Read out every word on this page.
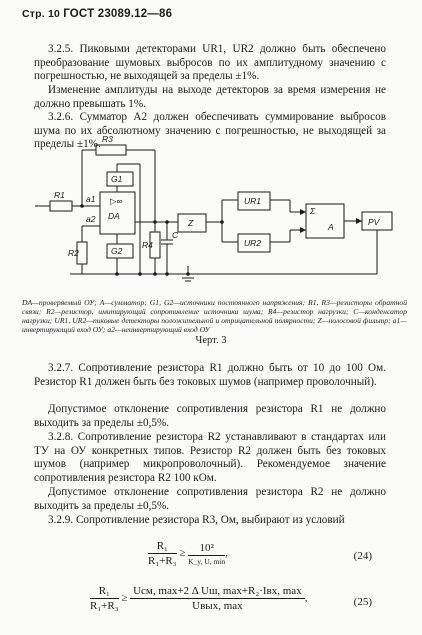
Стр. 10 ГОСТ 23089.12—86

3.2.5. Пиковыми детекторами UR1, UR2 должно быть обеспечено преобразование шумовых выбросов по их амплитудному значению с погрешностью, не выходящей за пределы ±1%.

Изменение амплитуды на выходе детекторов за время измерения не должно превышать 1%.

3.2.6. Сумматор A2 должен обеспечивать суммирование выбросов шума по их абсолютному значению с погрешностью, не выходящей за пределы ±1%.

R1
R3
R2
R4
C
G1
G2
DA
▷∞
a1
a2	Z
UR1
UR2
Σ
A	PV
DA—проверяемый ОУ; A—сумматор; G1, G2—источники постоянного напряжения; R1, R3—резисторы обратной связи; R2—резистор, имитирующий сопротивление источника шума; R4—резистор нагрузки; C—конденсатор нагрузки; UR1, UR2—пиковые детекторы положительной и отрицательной полярности; Z—полосовой фильтр; a1—инвертирующий вход ОУ; a2—неинвертирующий вход ОУ
Черт. 3

3.2.7. Сопротивление резистора R1 должно быть от 10 до 100 Ом. Резистор R1 должен быть без токовых шумов (например проволочный).

Допустимое отклонение сопротивления резистора R1 не должно выходить за пределы ±0,5%.

3.2.8. Сопротивление резистора R2 устанавливают в стандартах или ТУ на ОУ конкретных типов. Резистор R2 должен быть без токовых шумов (например микропроволочный). Рекомендуемое значение сопротивления резистора R2 100 кОм.

Допустимое отклонение сопротивления резистора R2 не должно выходить за пределы ±0,5%.

3.2.9. Сопротивление резистора R3, Ом, выбирают из условий

$\frac{\text{R₁}}{\text{R₁+R₃}} \ge \frac{\text{10²}}{K\_y, U, \min}$ ,	(24)
$\frac{\text{R₁}}{\text{R₁+R₃}} \ge \frac{\text{Uсм, max+2 Δ Uш, max+R₂·Iвх, max}}{\text{Uвых, max}}$ ,	(25)
